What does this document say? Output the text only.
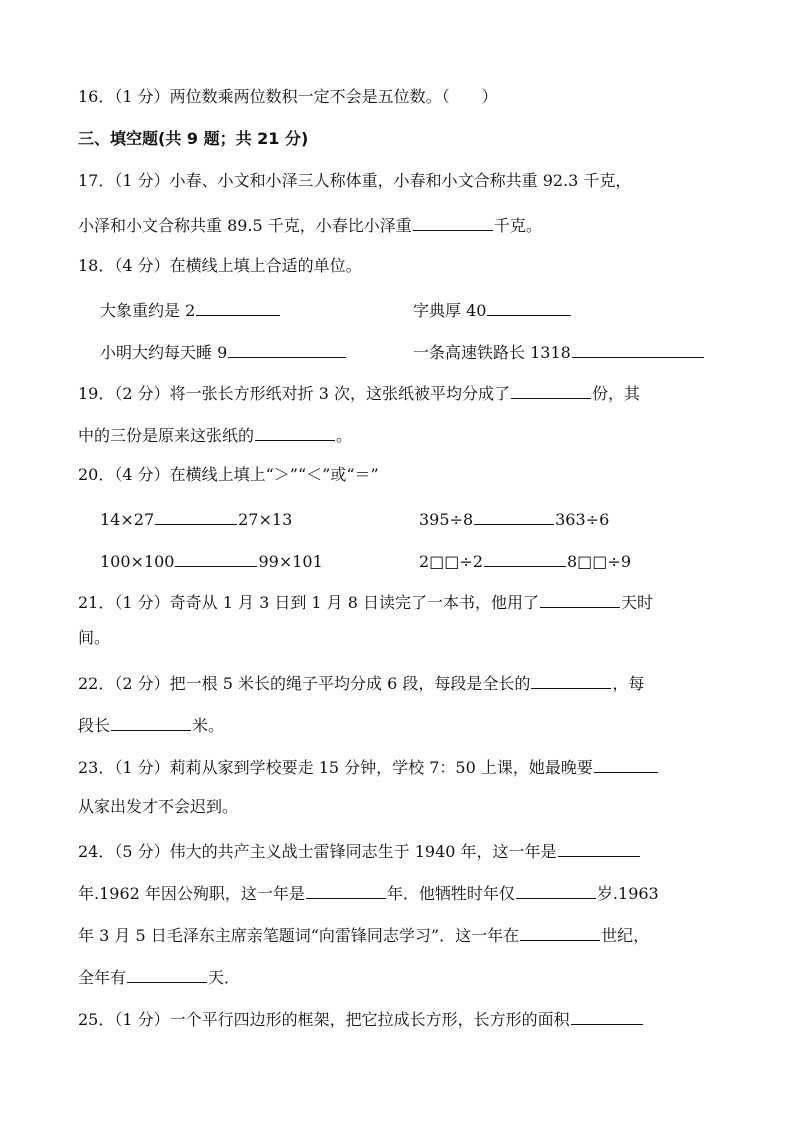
16．（1 分）两位数乘两位数积一定不会是五位数。（　　）
三、填空题(共 9 题；共 21 分)
17．（1 分）小春、小文和小泽三人称体重，小春和小文合称共重 92.3 千克，
小泽和小文合称共重 89.5 千克，小春比小泽重	千克。
18．（4 分）在横线上填上合适的单位。
大象重约是 2	字典厚 40
小明大约每天睡 9	一条高速铁路长 1318
19．（2 分）将一张长方形纸对折 3 次，这张纸被平均分成了	份，其
中的三份是原来这张纸的	。
20．（4 分）在横线上填上“＞”“＜”或“＝”
14×27	27×13	395÷8	363÷6
100×100	99×101	2□□÷2	8□□÷9
21．（1 分）奇奇从 1 月 3 日到 1 月 8 日读完了一本书，他用了	天时
间。
22．（2 分）把一根 5 米长的绳子平均分成 6 段，每段是全长的	，每
段长	米。
23．（1 分）莉莉从家到学校要走 15 分钟，学校 7：50 上课，她最晚要
从家出发才不会迟到。
24．（5 分）伟大的共产主义战士雷锋同志生于 1940 年，这一年是
年.1962 年因公殉职，这一年是	年．他牺牲时年仅	岁.1963
年 3 月 5 日毛泽东主席亲笔题词“向雷锋同志学习”．这一年在	世纪，
全年有	天．
25．（1 分）一个平行四边形的框架，把它拉成长方形，长方形的面积
